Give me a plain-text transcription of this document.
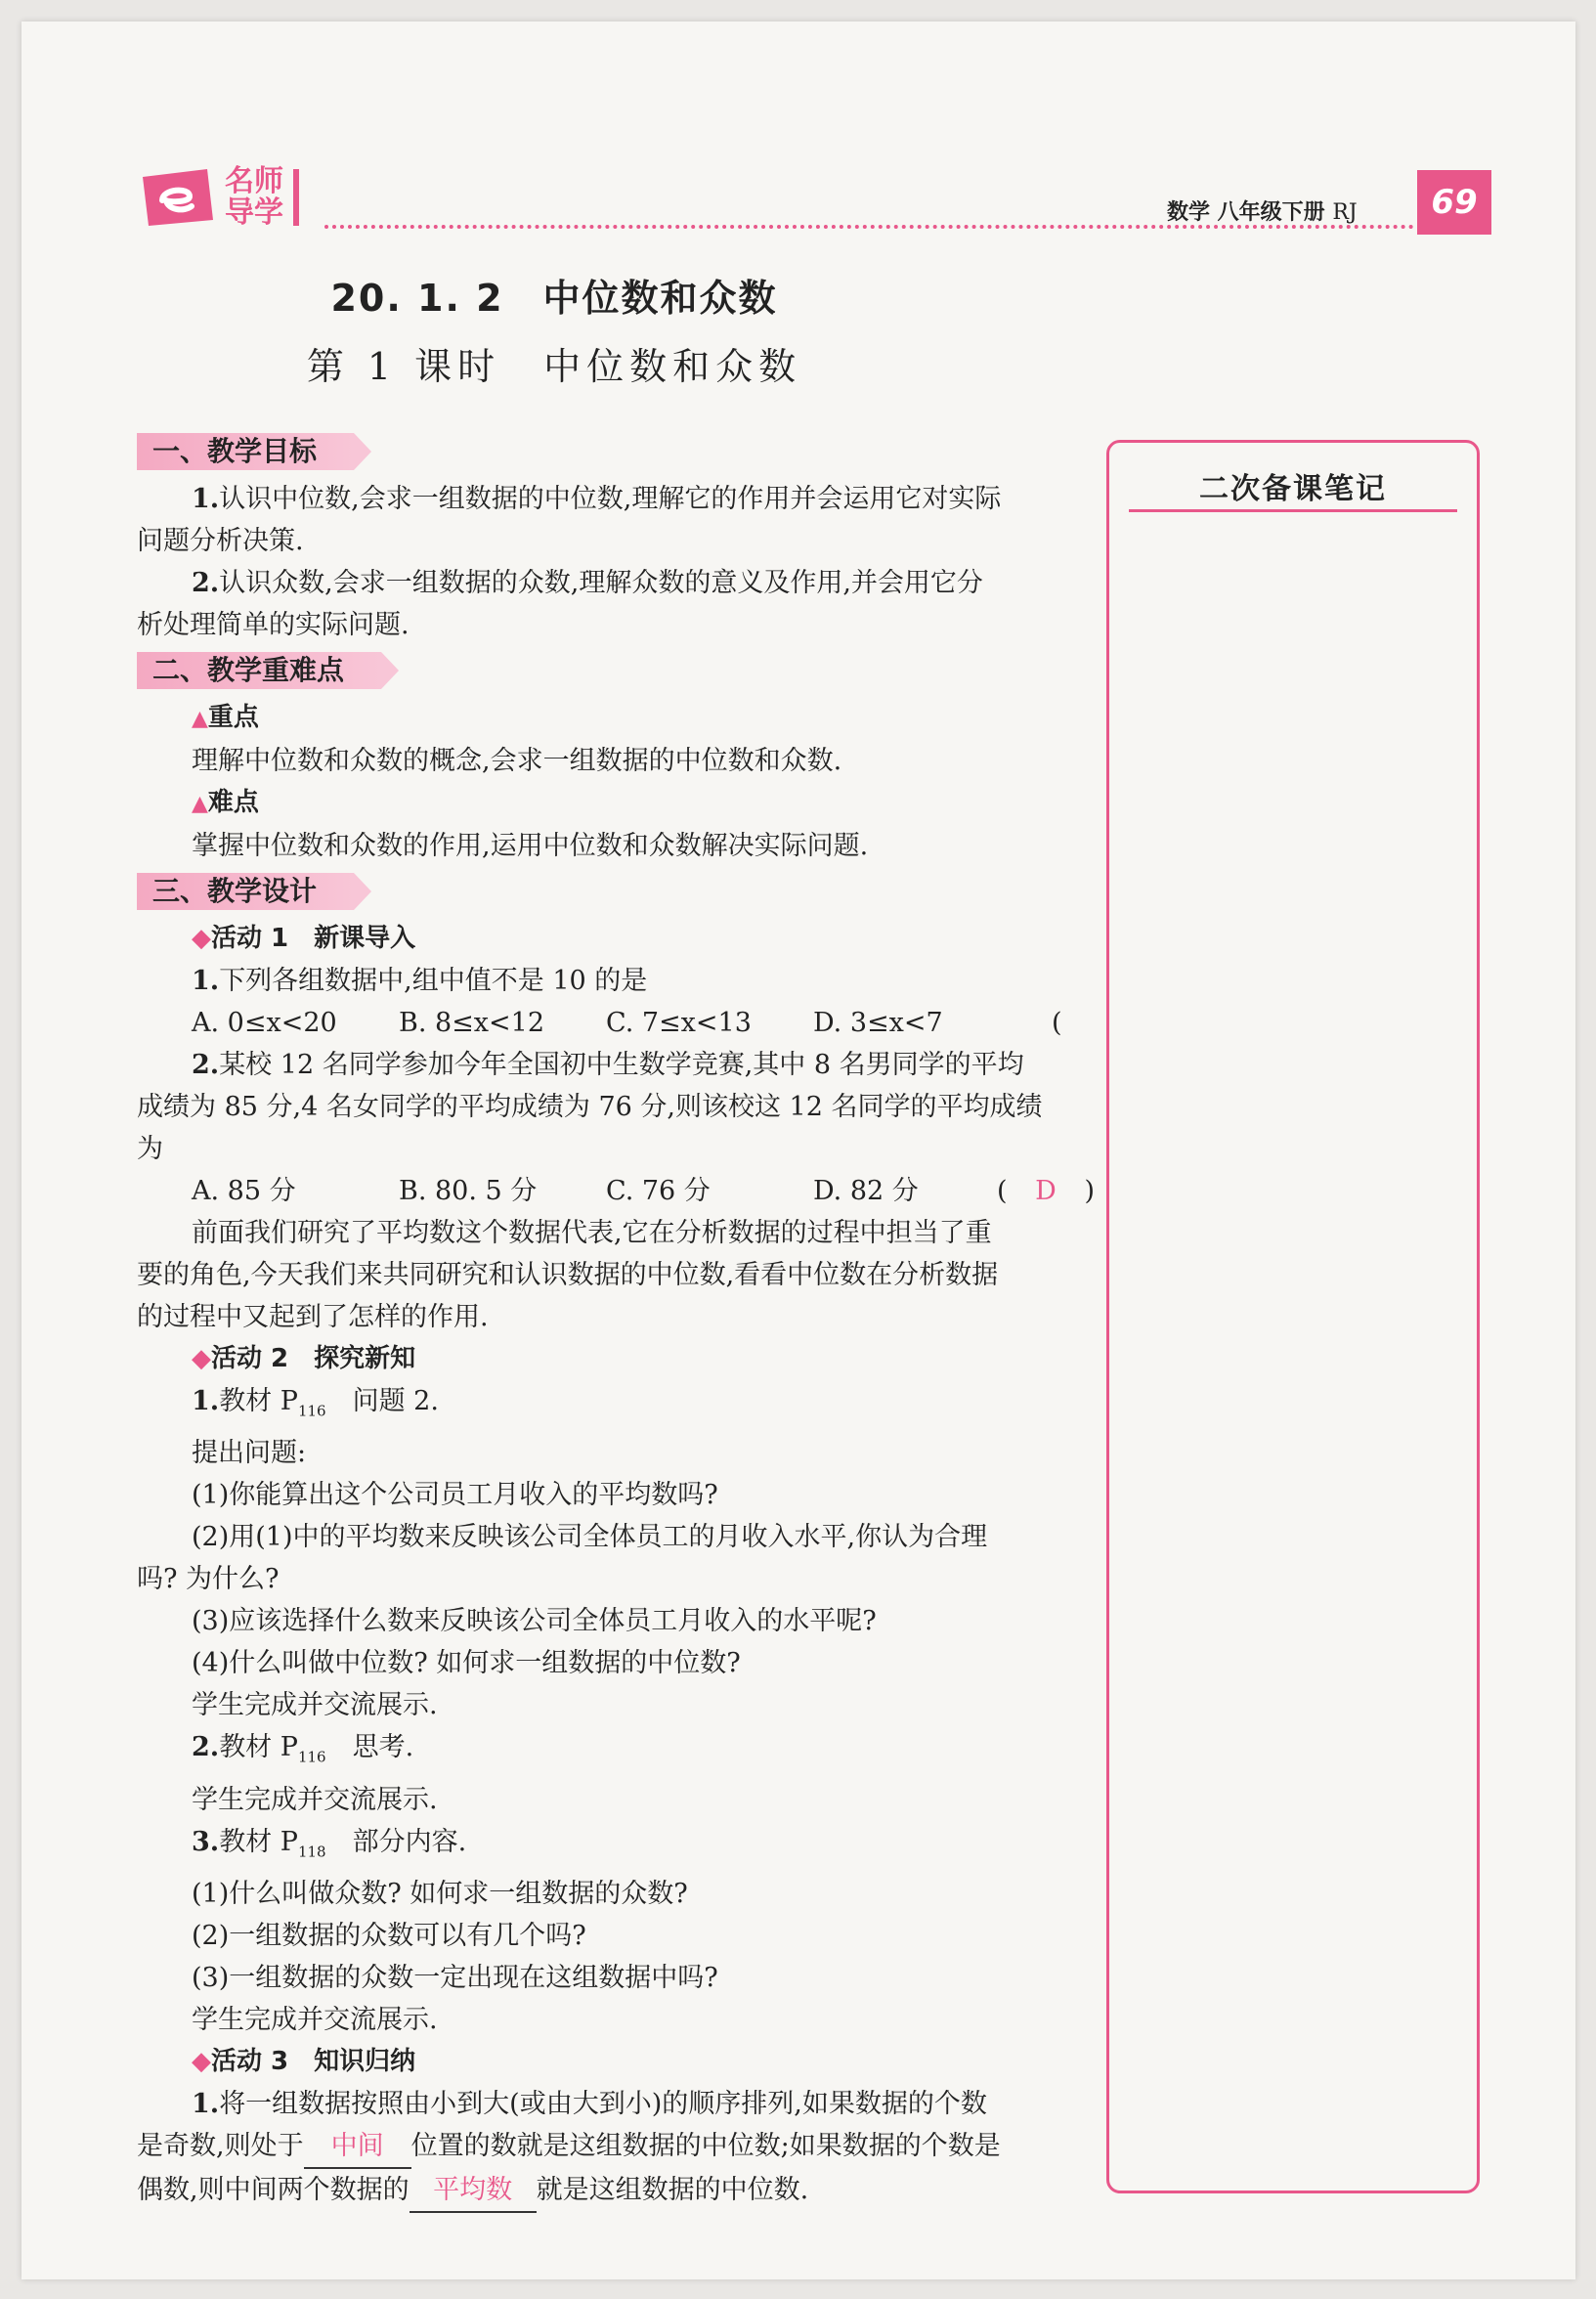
名师
导学	数学 八年级下册 RJ	69
20. 1. 2　中位数和众数
第 1 课时　中位数和众数
一、教学目标

1.认识中位数,会求一组数据的中位数,理解它的作用并会运用它对实际

问题分析决策.

2.认识众数,会求一组数据的众数,理解众数的意义及作用,并会用它分

析处理简单的实际问题.

二、教学重难点

▲重点

理解中位数和众数的概念,会求一组数据的中位数和众数.

▲难点

掌握中位数和众数的作用,运用中位数和众数解决实际问题.

三、教学设计

◆活动 1　新课导入

1.下列各组数据中,组中值不是 10 的是
(

A. 0≤x<20	B. 8≤x<12	C. 7≤x<13	D. 3≤x<7

2.某校 12 名同学参加今年全国初中生数学竞赛,其中 8 名男同学的平均

成绩为 85 分,4 名女同学的平均成绩为 76 分,则该校这 12 名同学的平均成绩

为
( D )

A. 85 分	B. 80. 5 分	C. 76 分	D. 82 分

前面我们研究了平均数这个数据代表,它在分析数据的过程中担当了重

要的角色,今天我们来共同研究和认识数据的中位数,看看中位数在分析数据

的过程中又起到了怎样的作用.

◆活动 2　探究新知

1.教材 $P_{116}$　问题 2.

提出问题:

(1)你能算出这个公司员工月收入的平均数吗?

(2)用(1)中的平均数来反映该公司全体员工的月收入水平,你认为合理

吗? 为什么?

(3)应该选择什么数来反映该公司全体员工月收入的水平呢?

(4)什么叫做中位数? 如何求一组数据的中位数?

学生完成并交流展示.

2.教材 $P_{116}$　思考.

学生完成并交流展示.

3.教材 $P_{118}$　部分内容.

(1)什么叫做众数? 如何求一组数据的众数?

(2)一组数据的众数可以有几个吗?

(3)一组数据的众数一定出现在这组数据中吗?

学生完成并交流展示.

◆活动 3　知识归纳

1.将一组数据按照由小到大(或由大到小)的顺序排列,如果数据的个数

是奇数,则处于 中间 位置的数就是这组数据的中位数;如果数据的个数是

偶数,则中间两个数据的 平均数 就是这组数据的中位数.

二次备课笔记
